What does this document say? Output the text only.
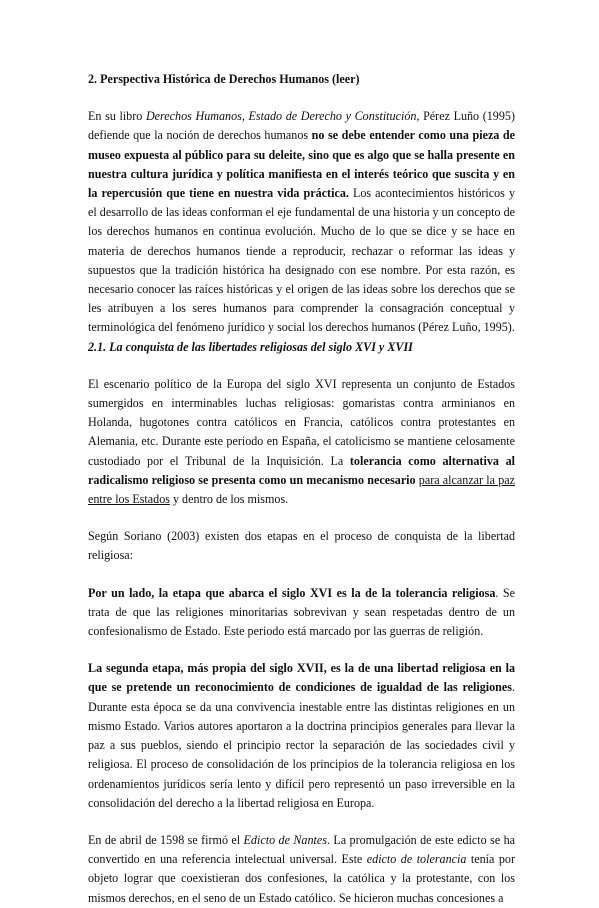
2. Perspectiva Histórica de Derechos Humanos (leer)

En su libro Derechos Humanos, Estado de Derecho y Constitución, Pérez Luño (1995) defiende que la noción de derechos humanos no se debe entender como una pieza de museo expuesta al público para su deleite, sino que es algo que se halla presente en nuestra cultura jurídica y política manifiesta en el interés teórico que suscita y en la repercusión que tiene en nuestra vida práctica. Los acontecimientos históricos y el desarrollo de las ideas conforman el eje fundamental de una historia y un concepto de los derechos humanos en continua evolución. Mucho de lo que se dice y se hace en materia de derechos humanos tiende a reproducir, rechazar o reformar las ideas y supuestos que la tradición histórica ha designado con ese nombre. Por esta razón, es necesario conocer las raíces históricas y el origen de las ideas sobre los derechos que se les atribuyen a los seres humanos para comprender la consagración conceptual y terminológica del fenómeno jurídico y social los derechos humanos (Pérez Luño, 1995).

2.1. La conquista de las libertades religiosas del siglo XVI y XVII

El escenario político de la Europa del siglo XVI representa un conjunto de Estados sumergidos en interminables luchas religiosas: gomaristas contra arminianos en Holanda, hugotones contra católicos en Francia, católicos contra protestantes en Alemania, etc. Durante este periodo en España, el catolicismo se mantiene celosamente custodiado por el Tribunal de la Inquisición. La tolerancia como alternativa al radicalismo religioso se presenta como un mecanismo necesario para alcanzar la paz entre los Estados y dentro de los mismos.

Según Soriano (2003) existen dos etapas en el proceso de conquista de la libertad religiosa:

Por un lado, la etapa que abarca el siglo XVI es la de la tolerancia religiosa. Se trata de que las religiones minoritarias sobrevivan y sean respetadas dentro de un confesionalismo de Estado. Este periodo está marcado por las guerras de religión.

La segunda etapa, más propia del siglo XVII, es la de una libertad religiosa en la que se pretende un reconocimiento de condiciones de igualdad de las religiones. Durante esta época se da una convivencia inestable entre las distintas religiones en un mismo Estado. Varios autores aportaron a la doctrina principios generales para llevar la paz a sus pueblos, siendo el principio rector la separación de las sociedades civil y religiosa. El proceso de consolidación de los principios de la tolerancia religiosa en los ordenamientos jurídicos sería lento y difícil pero representó un paso irreversible en la consolidación del derecho a la libertad religiosa en Europa.

En de abril de 1598 se firmó el Edicto de Nantes. La promulgación de este edicto se ha convertido en una referencia intelectual universal. Este edicto de tolerancia tenía por objeto lograr que coexistieran dos confesiones, la católica y la protestante, con los mismos derechos, en el seno de un Estado católico. Se hicieron muchas concesiones a
